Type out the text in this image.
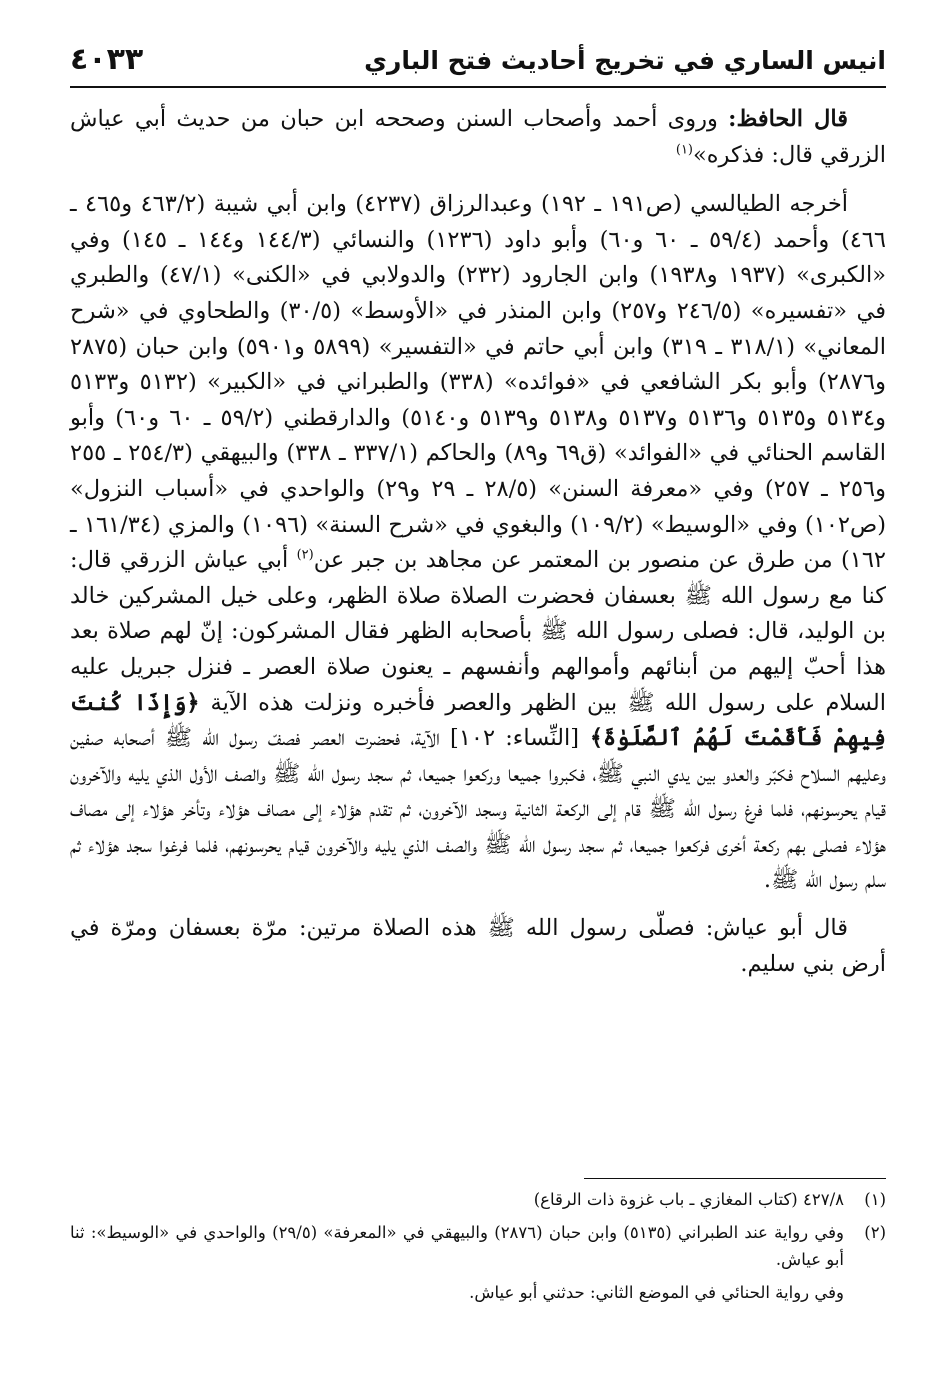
انيس الساري في تخريج أحاديث فتح الباري
٤٠٣٣

قال الحافظ: وروى أحمد وأصحاب السنن وصححه ابن حبان من حديث أبي عياش الزرقي قال: فذكره»$^{(١)}$

أخرجه الطيالسي (ص١٩١ ـ ١٩٢) وعبدالرزاق (٤٢٣٧) وابن أبي شيبة (٤٦٣/٢ و٤٦٥ ـ ٤٦٦) وأحمد (٥٩/٤ ـ ٦٠ و٦٠) وأبو داود (١٢٣٦) والنسائي (١٤٤/٣ و١٤٤ ـ ١٤٥) وفي «الكبرى» (١٩٣٧ و١٩٣٨) وابن الجارود (٢٣٢) والدولابي في «الكنى» (٤٧/١) والطبري في «تفسيره» (٢٤٦/٥ و٢٥٧) وابن المنذر في «الأوسط» (٣٠/٥) والطحاوي في «شرح المعاني» (٣١٨/١ ـ ٣١٩) وابن أبي حاتم في «التفسير» (٥٨٩٩ و٥٩٠١) وابن حبان (٢٨٧٥ و٢٨٧٦) وأبو بكر الشافعي في «فوائده» (٣٣٨) والطبراني في «الكبير» (٥١٣٢ و٥١٣٣ و٥١٣٤ و٥١٣٥ و٥١٣٦ و٥١٣٧ و٥١٣٨ و٥١٣٩ و٥١٤٠) والدارقطني (٥٩/٢ ـ ٦٠ و٦٠) وأبو القاسم الحنائي في «الفوائد» (ق٦٩ و٨٩) والحاكم (٣٣٧/١ ـ ٣٣٨) والبيهقي (٢٥٤/٣ ـ ٢٥٥ و٢٥٦ ـ ٢٥٧) وفي «معرفة السنن» (٢٨/٥ ـ ٢٩ و٢٩) والواحدي في «أسباب النزول» (ص١٠٢) وفي «الوسيط» (١٠٩/٢) والبغوي في «شرح السنة» (١٠٩٦) والمزي (١٦١/٣٤ ـ ١٦٢) من طرق عن منصور بن المعتمر عن مجاهد بن جبر عن$^{(٢)}$ أبي عياش الزرقي قال: كنا مع رسول الله ﷺ بعسفان فحضرت الصلاة صلاة الظهر، وعلى خيل المشركين خالد بن الوليد، قال: فصلى رسول الله ﷺ بأصحابه الظهر فقال المشركون: إنّ لهم صلاة بعد هذا أحبّ إليهم من أبنائهم وأموالهم وأنفسهم ـ يعنون صلاة العصر ـ فنزل جبريل عليه السلام على رسول الله ﷺ بين الظهر والعصر فأخبره ونزلت هذه الآية ﴿وَإِذَا كُنتَ فِيهِمْ فَأَقَمْتَ لَهُمُ ٱلصَّلَوٰةَ﴾ [النِّساء: ١٠٢] الآية، فحضرت العصر فصفّ رسول الله ﷺ أصحابه صفين وعليهم السلاح فكبّر والعدو بين يدي النبي ﷺ، فكبروا جميعا وركعوا جميعا، ثم سجد رسول الله ﷺ والصف الأول الذي يليه والآخرون قيام يحرسونهم، فلما فرغ رسول الله ﷺ قام إلى الركعة الثانية وسجد الآخرون، ثم تقدم هؤلاء إلى مصاف هؤلاء وتأخر هؤلاء إلى مصاف هؤلاء فصلى بهم ركعة أخرى فركعوا جميعا، ثم سجد رسول الله ﷺ والصف الذي يليه والآخرون قيام يحرسونهم، فلما فرغوا سجد هؤلاء ثم سلم رسول الله ﷺ.

قال أبو عياش: فصلّى رسول الله ﷺ هذه الصلاة مرتين: مرّة بعسفان ومرّة في أرض بني سليم.

(١)
٤٢٧/٨ (كتاب المغازي ـ باب غزوة ذات الرقاع)
(٢)
وفي رواية عند الطبراني (٥١٣٥) وابن حبان (٢٨٧٦) والبيهقي في «المعرفة» (٢٩/٥) والواحدي في «الوسيط»: ثنا أبو عياش.
وفي رواية الحنائي في الموضع الثاني: حدثني أبو عياش.
